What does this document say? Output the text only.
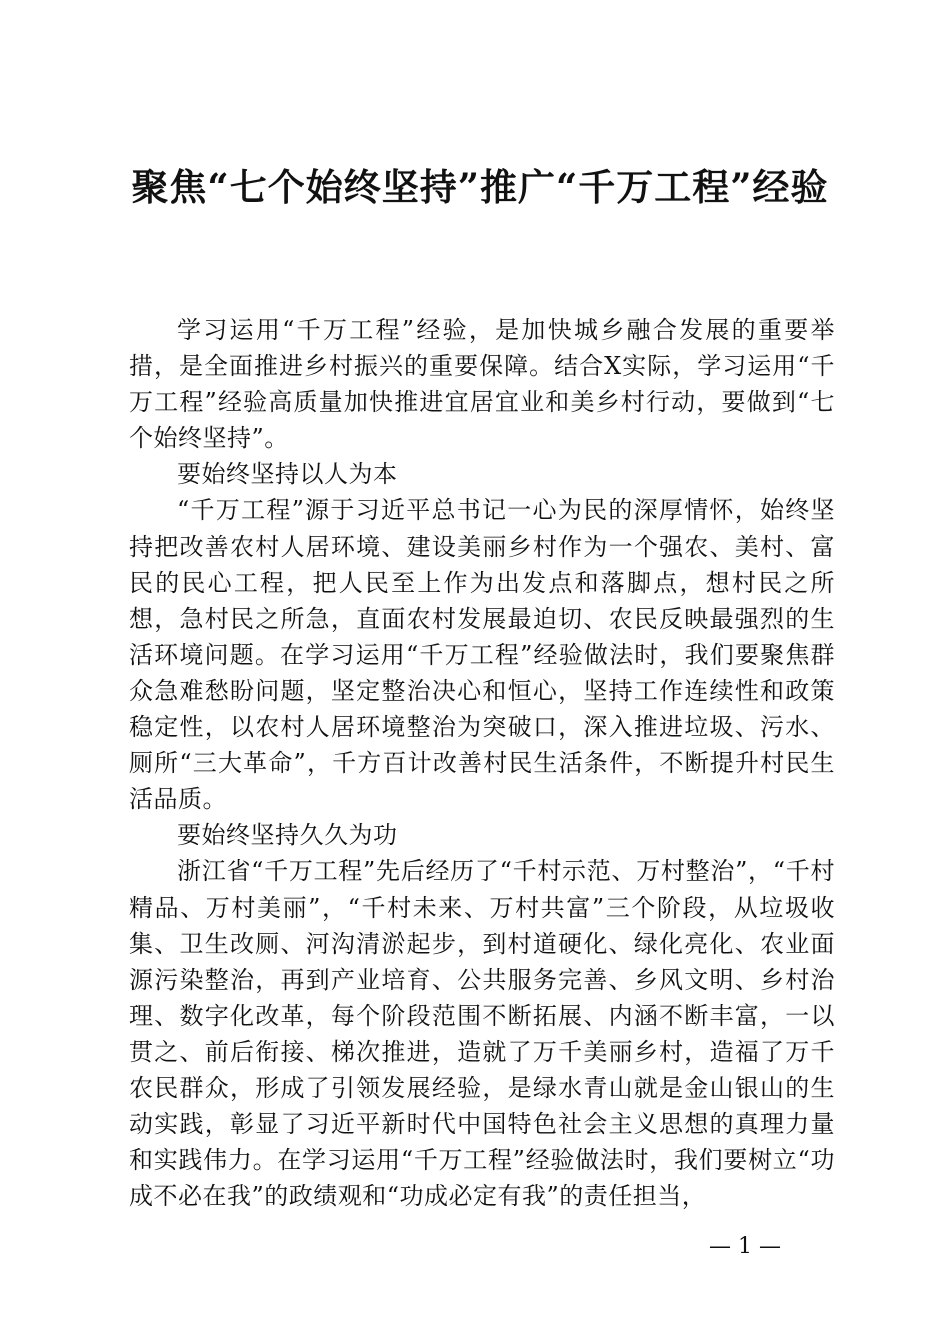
聚焦“七个始终坚持”推广“千万工程”经验

学习运用“千万工程”经验，是加快城乡融合发展的重要举措，是全面推进乡村振兴的重要保障。结合X实际，学习运用“千万工程”经验高质量加快推进宜居宜业和美乡村行动，要做到“七个始终坚持”。

要始终坚持以人为本

“千万工程”源于习近平总书记一心为民的深厚情怀，始终坚持把改善农村人居环境、建设美丽乡村作为一个强农、美村、富民的民心工程，把人民至上作为出发点和落脚点，想村民之所想，急村民之所急，直面农村发展最迫切、农民反映最强烈的生活环境问题。在学习运用“千万工程”经验做法时，我们要聚焦群众急难愁盼问题，坚定整治决心和恒心，坚持工作连续性和政策稳定性，以农村人居环境整治为突破口，深入推进垃圾、污水、厕所“三大革命”，千方百计改善村民生活条件，不断提升村民生活品质。

要始终坚持久久为功

浙江省“千万工程”先后经历了“千村示范、万村整治”，“千村精品、万村美丽”，“千村未来、万村共富”三个阶段，从垃圾收集、卫生改厕、河沟清淤起步，到村道硬化、绿化亮化、农业面源污染整治，再到产业培育、公共服务完善、乡风文明、乡村治理、数字化改革，每个阶段范围不断拓展、内涵不断丰富，一以贯之、前后衔接、梯次推进，造就了万千美丽乡村，造福了万千农民群众，形成了引领发展经验，是绿水青山就是金山银山的生动实践，彰显了习近平新时代中国特色社会主义思想的真理力量和实践伟力。在学习运用“千万工程”经验做法时，我们要树立“功成不必在我”的政绩观和“功成必定有我”的责任担当，

— 1 —
